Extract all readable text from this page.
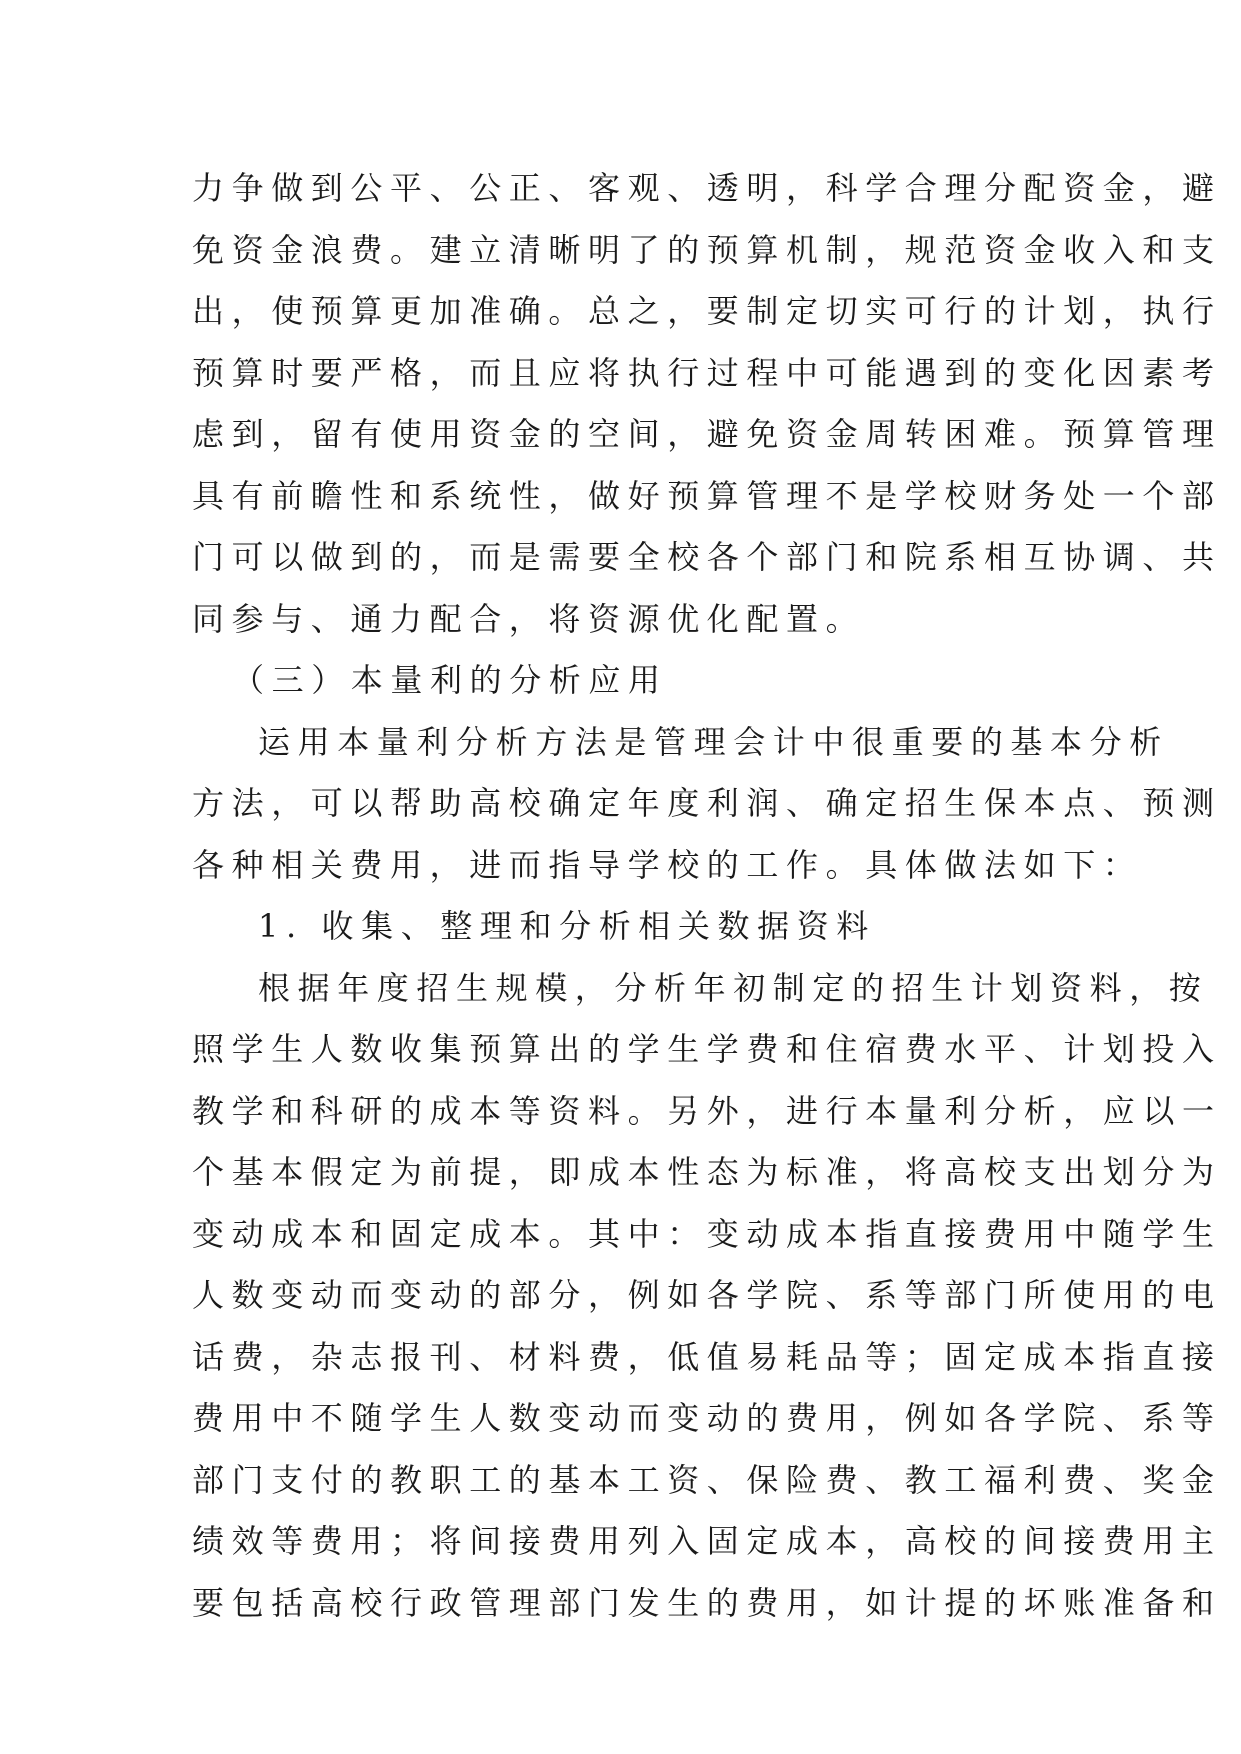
力争做到公平、公正、客观、透明，科学合理分配资金，避
免资金浪费。建立清晰明了的预算机制，规范资金收入和支
出，使预算更加准确。总之，要制定切实可行的计划，执行
预算时要严格，而且应将执行过程中可能遇到的变化因素考
虑到，留有使用资金的空间，避免资金周转困难。预算管理
具有前瞻性和系统性，做好预算管理不是学校财务处一个部
门可以做到的，而是需要全校各个部门和院系相互协调、共
同参与、通力配合，将资源优化配置。
（三）本量利的分析应用
运用本量利分析方法是管理会计中很重要的基本分析
方法，可以帮助高校确定年度利润、确定招生保本点、预测
各种相关费用，进而指导学校的工作。具体做法如下：
1. 收集、整理和分析相关数据资料
根据年度招生规模，分析年初制定的招生计划资料，按
照学生人数收集预算出的学生学费和住宿费水平、计划投入
教学和科研的成本等资料。另外，进行本量利分析，应以一
个基本假定为前提，即成本性态为标准，将高校支出划分为
变动成本和固定成本。其中：变动成本指直接费用中随学生
人数变动而变动的部分，例如各学院、系等部门所使用的电
话费，杂志报刊、材料费，低值易耗品等；固定成本指直接
费用中不随学生人数变动而变动的费用，例如各学院、系等
部门支付的教职工的基本工资、保险费、教工福利费、奖金
绩效等费用；将间接费用列入固定成本，高校的间接费用主
要包括高校行政管理部门发生的费用，如计提的坏账准备和
